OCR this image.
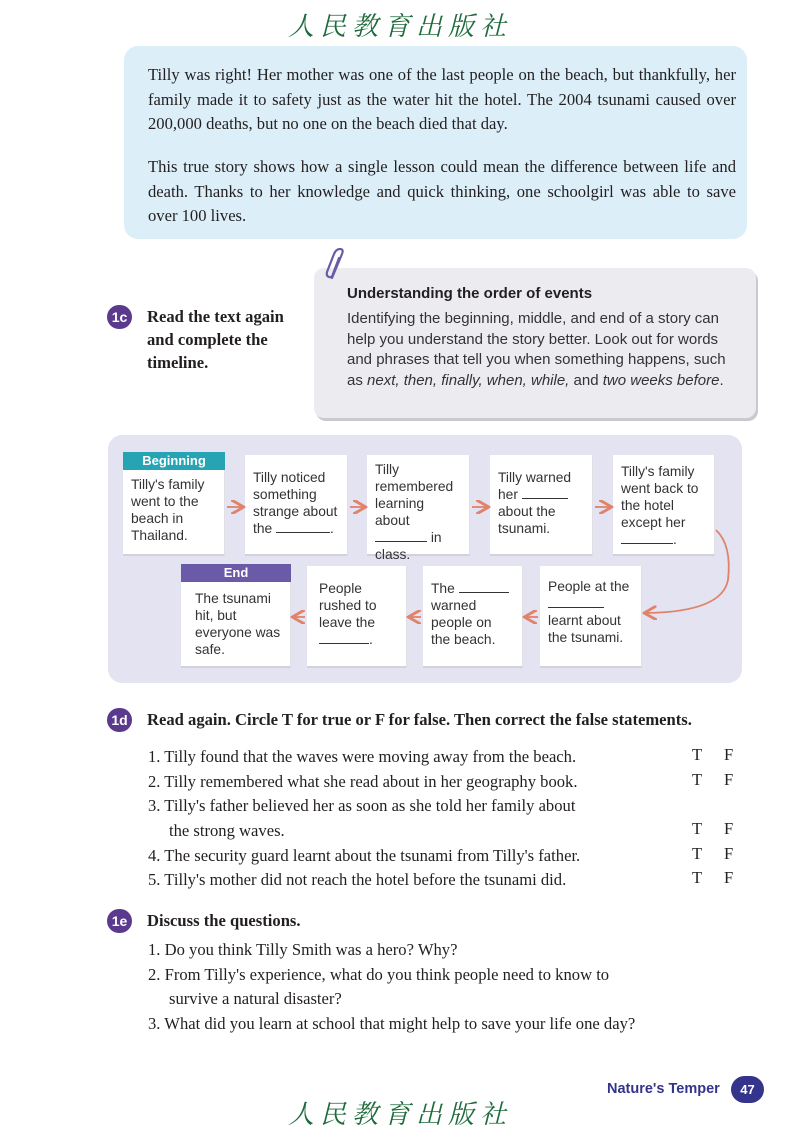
人民教育出版社

Tilly was right! Her mother was one of the last people on the beach, but thankfully, her family made it to safety just as the water hit the hotel. The 2004 tsunami caused over 200,000 deaths, but no one on the beach died that day.

This true story shows how a single lesson could mean the difference between life and death. Thanks to her knowledge and quick thinking, one schoolgirl was able to save over 100 lives.

Understanding the order of events

Identifying the beginning, middle, and end of a story can help you understand the story better. Look out for words and phrases that tell you when something happens, such as next, then, finally, when, while, and two weeks before.

1c Read the text again and complete the timeline.

Beginning
Tilly's family went to the beach in Thailand.
Tilly noticed something strange about the	.
Tilly remembered learning about  in class.
Tilly warned her  about the tsunami.
Tilly's family went back to the hotel except her .
End
The tsunami hit, but everyone was safe.
People rushed to leave the .
The  warned people on the beach.
People at the  learnt about the tsunami.
1d Read again. Circle T for true or F for false. Then correct the false statements.

1. Tilly found that the waves were moving away from the beach.

2. Tilly remembered what she read about in her geography book.

3. Tilly's father believed her as soon as she told her family about

the strong waves.

4. The security guard learnt about the tsunami from Tilly's father.

5. Tilly's mother did not reach the hotel before the tsunami did.

T F
T F
T F
T F
T F
1e Discuss the questions.

1. Do you think Tilly Smith was a hero? Why?

2. From Tilly's experience, what do you think people need to know to

survive a natural disaster?

3. What did you learn at school that might help to save your life one day?

Nature's Temper	47
人民教育出版社
